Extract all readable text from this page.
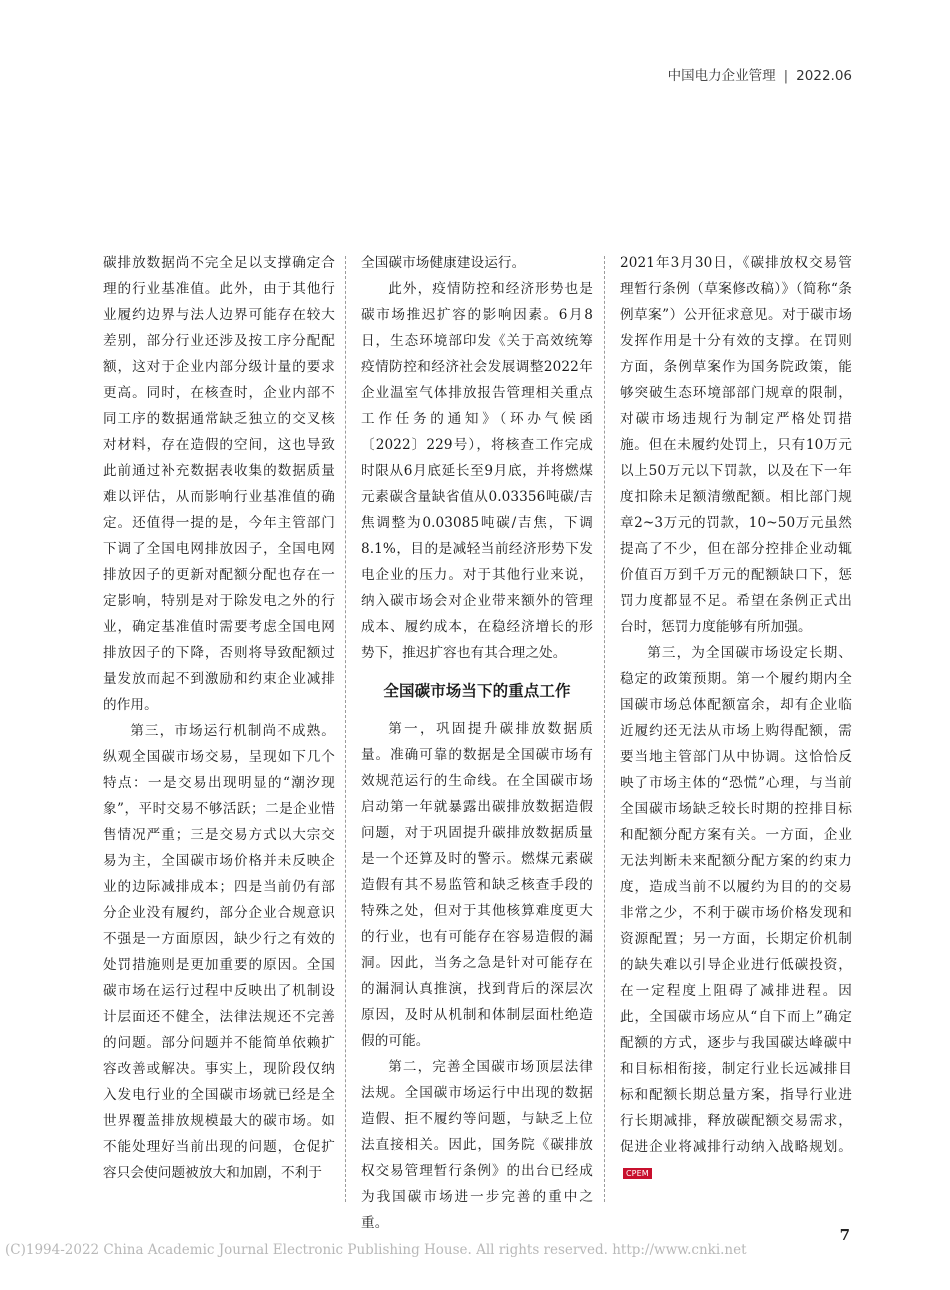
中国电力企业管理 | 2022.06

碳排放数据尚不完全足以支撑确定合理的行业基准值。此外，由于其他行业履约边界与法人边界可能存在较大差别，部分行业还涉及按工序分配配额，这对于企业内部分级计量的要求更高。同时，在核查时，企业内部不同工序的数据通常缺乏独立的交叉核对材料，存在造假的空间，这也导致此前通过补充数据表收集的数据质量难以评估，从而影响行业基准值的确定。还值得一提的是，今年主管部门下调了全国电网排放因子，全国电网排放因子的更新对配额分配也存在一定影响，特别是对于除发电之外的行业，确定基准值时需要考虑全国电网排放因子的下降，否则将导致配额过量发放而起不到激励和约束企业减排的作用。

第三，市场运行机制尚不成熟。纵观全国碳市场交易，呈现如下几个特点：一是交易出现明显的“潮汐现象”，平时交易不够活跃；二是企业惜售情况严重；三是交易方式以大宗交易为主，全国碳市场价格并未反映企业的边际减排成本；四是当前仍有部分企业没有履约，部分企业合规意识不强是一方面原因，缺少行之有效的处罚措施则是更加重要的原因。全国碳市场在运行过程中反映出了机制设计层面还不健全，法律法规还不完善的问题。部分问题并不能简单依赖扩容改善或解决。事实上，现阶段仅纳入发电行业的全国碳市场就已经是全世界覆盖排放规模最大的碳市场。如不能处理好当前出现的问题，仓促扩容只会使问题被放大和加剧，不利于

全国碳市场健康建设运行。

此外，疫情防控和经济形势也是碳市场推迟扩容的影响因素。6月8日，生态环境部印发《关于高效统筹疫情防控和经济社会发展调整2022年企业温室气体排放报告管理相关重点工作任务的通知》（环办气候函〔2022〕229号），将核查工作完成时限从6月底延长至9月底，并将燃煤元素碳含量缺省值从0.03356吨碳/吉焦调整为0.03085吨碳/吉焦，下调8.1%，目的是减轻当前经济形势下发电企业的压力。对于其他行业来说，纳入碳市场会对企业带来额外的管理成本、履约成本，在稳经济增长的形势下，推迟扩容也有其合理之处。

全国碳市场当下的重点工作

第一，巩固提升碳排放数据质量。准确可靠的数据是全国碳市场有效规范运行的生命线。在全国碳市场启动第一年就暴露出碳排放数据造假问题，对于巩固提升碳排放数据质量是一个还算及时的警示。燃煤元素碳造假有其不易监管和缺乏核查手段的特殊之处，但对于其他核算难度更大的行业，也有可能存在容易造假的漏洞。因此，当务之急是针对可能存在的漏洞认真推演，找到背后的深层次原因，及时从机制和体制层面杜绝造假的可能。

第二，完善全国碳市场顶层法律法规。全国碳市场运行中出现的数据造假、拒不履约等问题，与缺乏上位法直接相关。因此，国务院《碳排放权交易管理暂行条例》的出台已经成为我国碳市场进一步完善的重中之重。

2021年3月30日，《碳排放权交易管理暂行条例（草案修改稿）》（简称“条例草案”）公开征求意见。对于碳市场发挥作用是十分有效的支撑。在罚则方面，条例草案作为国务院政策，能够突破生态环境部部门规章的限制，对碳市场违规行为制定严格处罚措施。但在未履约处罚上，只有10万元以上50万元以下罚款，以及在下一年度扣除未足额清缴配额。相比部门规章2~3万元的罚款，10~50万元虽然提高了不少，但在部分控排企业动辄价值百万到千万元的配额缺口下，惩罚力度都显不足。希望在条例正式出台时，惩罚力度能够有所加强。

第三，为全国碳市场设定长期、稳定的政策预期。第一个履约期内全国碳市场总体配额富余，却有企业临近履约还无法从市场上购得配额，需要当地主管部门从中协调。这恰恰反映了市场主体的“恐慌”心理，与当前全国碳市场缺乏较长时期的控排目标和配额分配方案有关。一方面，企业无法判断未来配额分配方案的约束力度，造成当前不以履约为目的的交易非常之少，不利于碳市场价格发现和资源配置；另一方面，长期定价机制的缺失难以引导企业进行低碳投资，在一定程度上阻碍了减排进程。因此，全国碳市场应从“自下而上”确定配额的方式，逐步与我国碳达峰碳中和目标相衔接，制定行业长远减排目标和配额长期总量方案，指导行业进行长期减排，释放碳配额交易需求，促进企业将减排行动纳入战略规划。CPEM

7
(C)1994-2022 China Academic Journal Electronic Publishing House. All rights reserved. http://www.cnki.net
